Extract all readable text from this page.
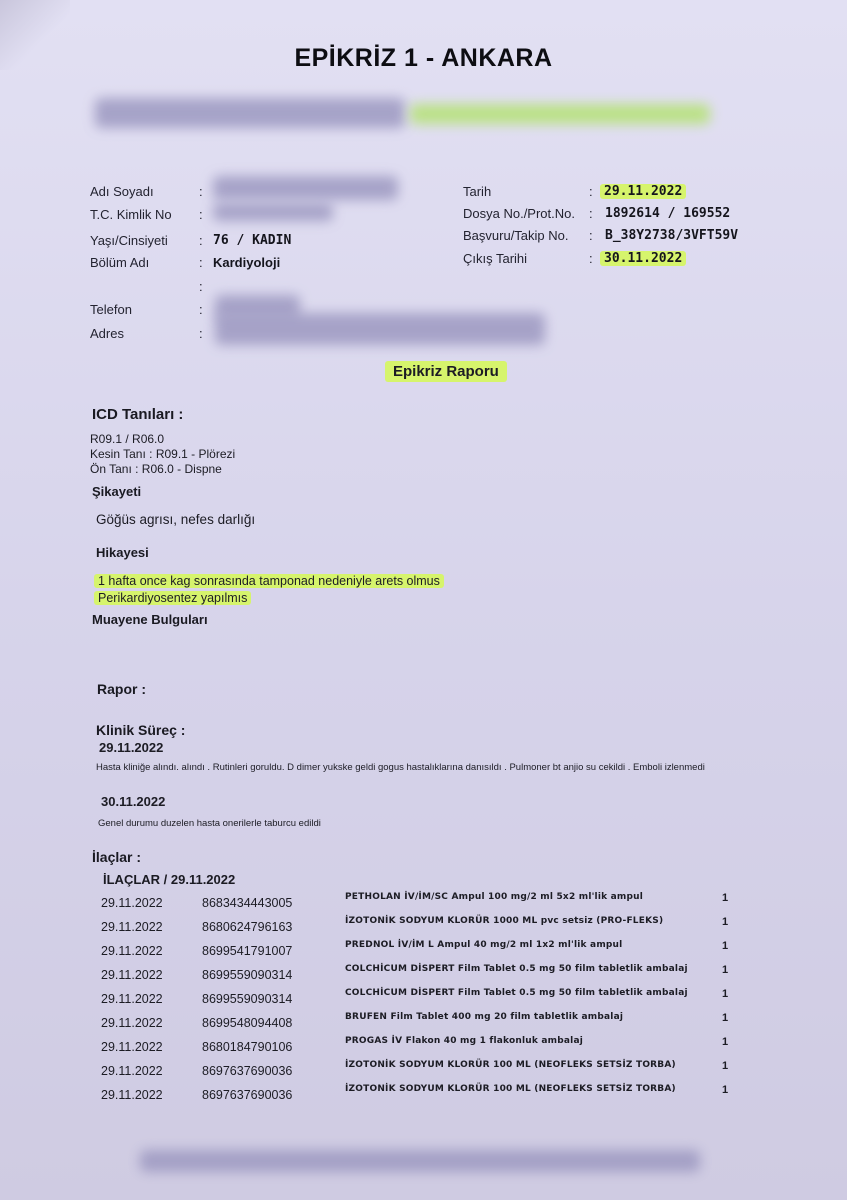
EPİKRİZ 1 - ANKARA
Adı Soyadı	:
T.C. Kimlik No :
Yaşı/Cinsiyeti : 76 / KADIN
Bölüm Adı	: Kardiyoloji
:
Telefon	:
Adres	:
Tarih	: 29.11.2022
Dosya No./Prot.No. : 1892614 / 169552
Başvuru/Takip No. : B_38Y2738/3VFT59V
Çıkış Tarihi	: 30.11.2022
Epikriz Raporu
ICD Tanıları :
R09.1 / R06.0
Kesin Tanı : R09.1 - Plörezi
Ön Tanı : R06.0 - Dispne
Şikayeti
Göğüs agrısı, nefes darlığı
Hikayesi
1 hafta once kag sonrasında tamponad nedeniyle arets olmus
Perikardiyosentez yapılmıs
Muayene Bulguları
Rapor :
Klinik Süreç :
29.11.2022
Hasta kliniğe alındı. alındı . Rutinleri goruldu. D dimer yukske geldi gogus hastalıklarına danısıldı . Pulmoner bt anjio su cekildi . Emboli izlenmedi
30.11.2022
Genel durumu duzelen hasta onerilerle taburcu edildi
İlaçlar :
İLAÇLAR / 29.11.2022
29.11.2022	8683434443005	PETHOLAN İV/İM/SC Ampul 100 mg/2 ml 5x2 ml'lik ampul	1
29.11.2022	8680624796163	İZOTONİK SODYUM KLORÜR 1000 ML pvc setsiz (PRO-FLEKS)	1
29.11.2022	8699541791007	PREDNOL İV/İM L Ampul 40 mg/2 ml 1x2 ml'lik ampul	1
29.11.2022	8699559090314	COLCHİCUM DİSPERT Film Tablet 0.5 mg 50 film tabletlik ambalaj	1
29.11.2022	8699559090314	COLCHİCUM DİSPERT Film Tablet 0.5 mg 50 film tabletlik ambalaj	1
29.11.2022	8699548094408	BRUFEN Film Tablet 400 mg 20 film tabletlik ambalaj	1
29.11.2022	8680184790106	PROGAS İV Flakon 40 mg 1 flakonluk ambalaj	1
29.11.2022	8697637690036	İZOTONİK SODYUM KLORÜR 100 ML (NEOFLEKS SETSİZ TORBA)	1
29.11.2022	8697637690036	İZOTONİK SODYUM KLORÜR 100 ML (NEOFLEKS SETSİZ TORBA)	1
